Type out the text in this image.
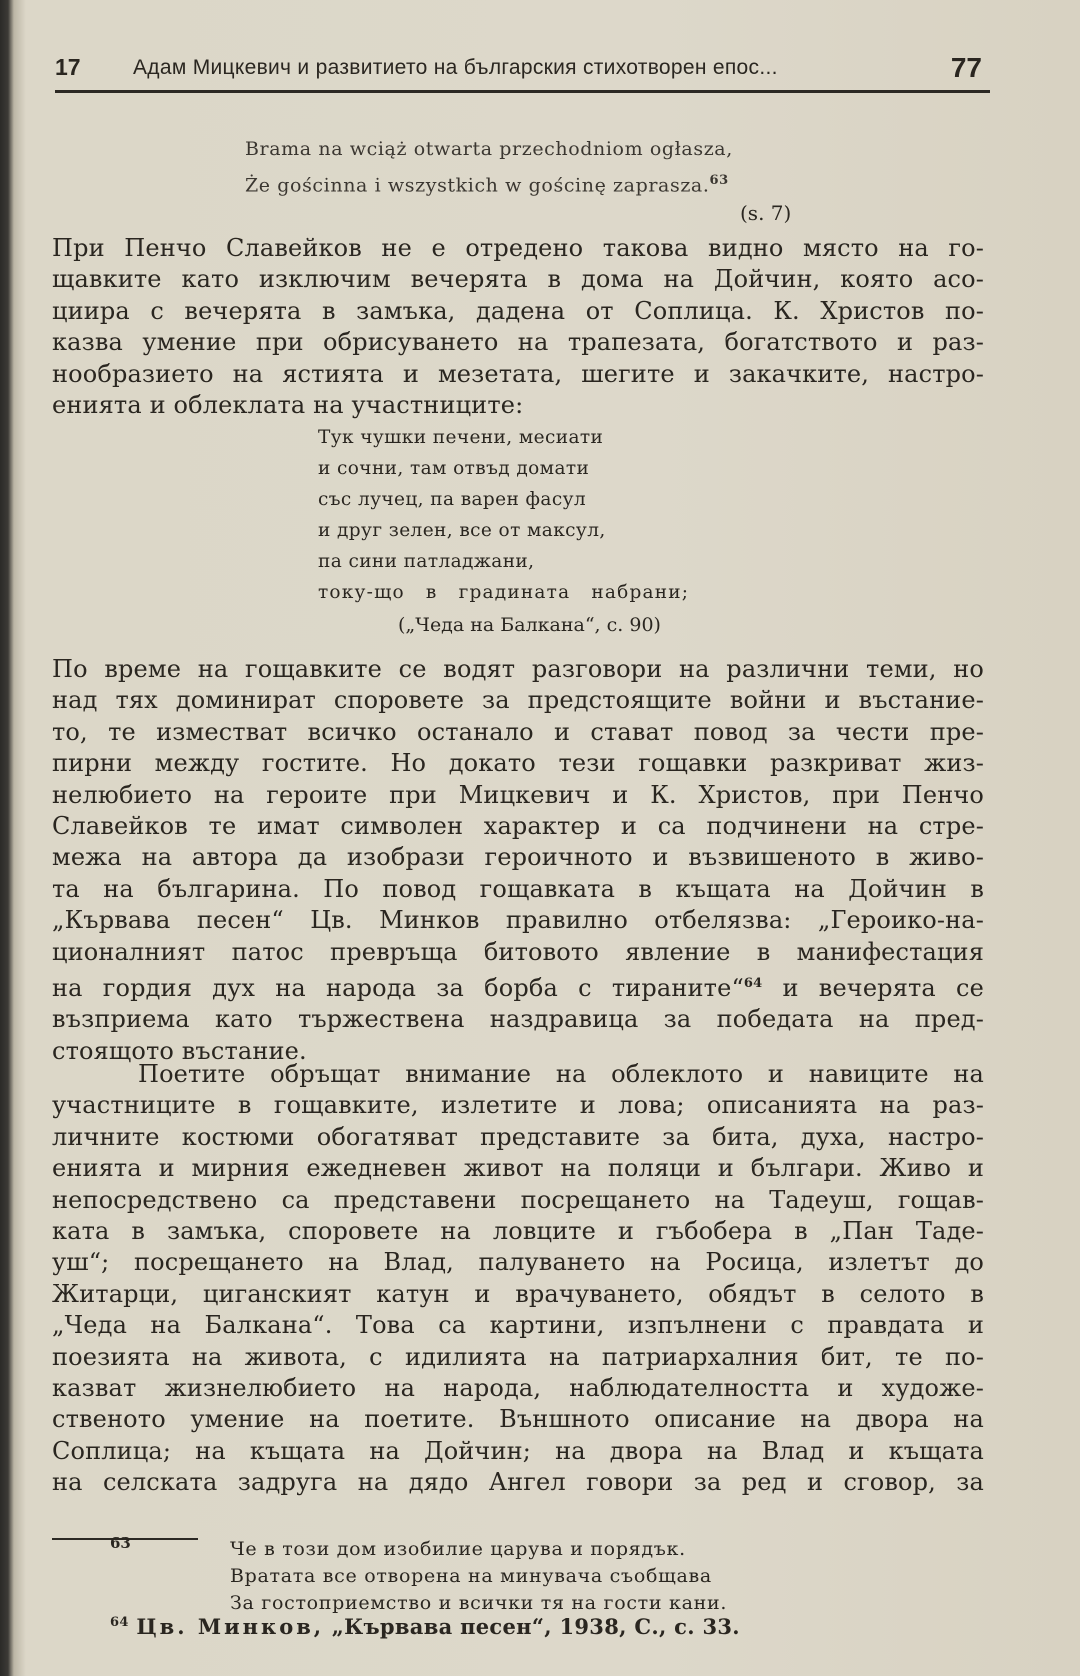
17 Адам Мицкевич и развитието на българския стихотворен епос...	77
Brama na wciąż otwarta przechodniom ogłasza,
Że gościnna i wszystkich w gościnę zaprasza.$^{63}$
(s. 7)
При Пенчо Славейков не е отредено такова видно място на го-
щавките като изключим вечерята в дома на Дойчин, която асо-
циира с вечерята в замъка, дадена от Соплица. К. Христов по-
казва умение при обрисуването на трапезата, богатството и раз-
нообразието на ястията и мезетата, шегите и закачките, настро-
енията и облеклата на участниците:
Тук чушки печени, месиати
и сочни, там отвъд домати
със лучец, па варен фасул
и друг зелен, все от максул,
па сини патладжани,
току-що в градината набрани;
(„Чеда на Балкана“, с. 90)
По време на гощавките се водят разговори на различни теми, но
над тях доминират споровете за предстоящите войни и въстание-
то, те изместват всичко останало и стават повод за чести пре-
пирни между гостите. Но докато тези гощавки разкриват жиз-
нелюбието на героите при Мицкевич и К. Христов, при Пенчо
Славейков те имат символен характер и са подчинени на стре-
межа на автора да изобрази героичното и възвишеното в живо-
та на българина. По повод гощавката в къщата на Дойчин в
„Кървава песен“ Цв. Минков правилно отбелязва: „Героико-на-
ционалният патос превръща битовото явление в манифестация
на гордия дух на народа за борба с тираните“$^{64}$ и вечерята се
възприема като тържествена наздравица за победата на пред-
стоящото въстание.
Поетите обръщат внимание на облеклото и навиците на
участниците в гощавките, излетите и лова; описанията на раз-
личните костюми обогатяват представите за бита, духа, настро-
енията и мирния ежедневен живот на поляци и българи. Живо и
непосредствено са представени посрещането на Тадеуш, гощав-
ката в замъка, споровете на ловците и гъбобера в „Пан Таде-
уш“; посрещането на Влад, палуването на Росица, излетът до
Житарци, циганският катун и врачуването, обядът в селото в
„Чеда на Балкана“. Това са картини, изпълнени с правдата и
поезията на живота, с идилията на патриархалния бит, те по-
казват жизнелюбието на народа, наблюдателността и художе-
ственото умение на поетите. Външното описание на двора на
Соплица; на къщата на Дойчин; на двора на Влад и къщата
на селската задруга на дядо Ангел говори за ред и сговор, за
63	Че в този дом изобилие царува и порядък.
Вратата все отворена на минувача съобщава
За гостоприемство и всички тя на гости кани.
$^{64}$ Цв. Минков, „Кървава песен“, 1938, С., с. 33.
